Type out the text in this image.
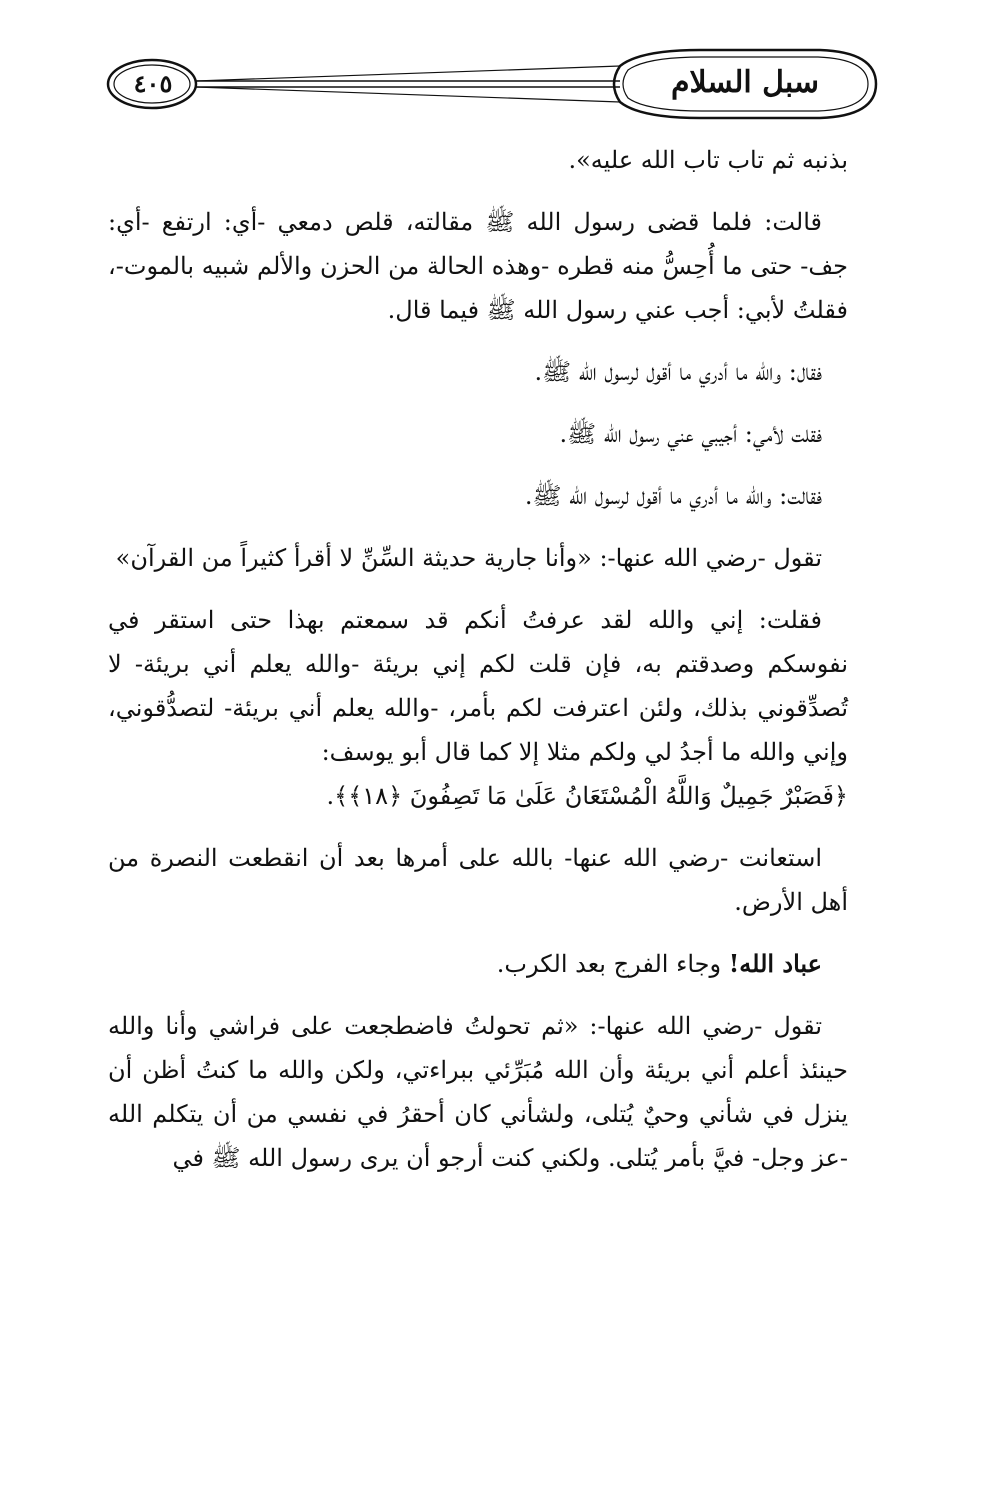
٤٠٥	سبل السلام

بذنبه ثم تاب تاب الله عليه».

قالت: فلما قضى رسول الله ﷺ مقالته، قلص دمعي -أي: ارتفع -أي: جف- حتى ما أُحِسُّ منه قطره -وهذه الحالة من الحزن والألم شبيه بالموت-، فقلتُ لأبي: أجب عني رسول الله ﷺ فيما قال.

فقال: والله ما أدري ما أقول لرسول الله ﷺ.

فقلت لأمي: أجيبي عني رسول الله ﷺ.

فقالت: والله ما أدري ما أقول لرسول الله ﷺ.

تقول -رضي الله عنها-: «وأنا جارية حديثة السِّنِّ لا أقرأ كثيراً من القرآن»

فقلت: إني والله لقد عرفتُ أنكم قد سمعتم بهذا حتى استقر في نفوسكم وصدقتم به، فإن قلت لكم إني بريئة -والله يعلم أني بريئة- لا تُصدِّقوني بذلك، ولئن اعترفت لكم بأمر، -والله يعلم أني بريئة- لتصدُّقوني، وإني والله ما أجدُ لي ولكم مثلا إلا كما قال أبو يوسف:

﴿فَصَبْرٌ جَمِيلٌ وَاللَّهُ الْمُسْتَعَانُ عَلَىٰ مَا تَصِفُونَ ﴿١٨﴾﴾.

استعانت -رضي الله عنها- بالله على أمرها بعد أن انقطعت النصرة من أهل الأرض.

عباد الله! وجاء الفرج بعد الكرب.

تقول -رضي الله عنها-: «ثم تحولتُ فاضطجعت على فراشي وأنا والله حينئذ أعلم أني بريئة وأن الله مُبَرِّئي ببراءتي، ولكن والله ما كنتُ أظن أن ينزل في شأني وحيٌ يُتلى، ولشأني كان أحقرُ في نفسي من أن يتكلم الله -عز وجل- فيَّ بأمر يُتلى. ولكني كنت أرجو أن يرى رسول الله ﷺ في
